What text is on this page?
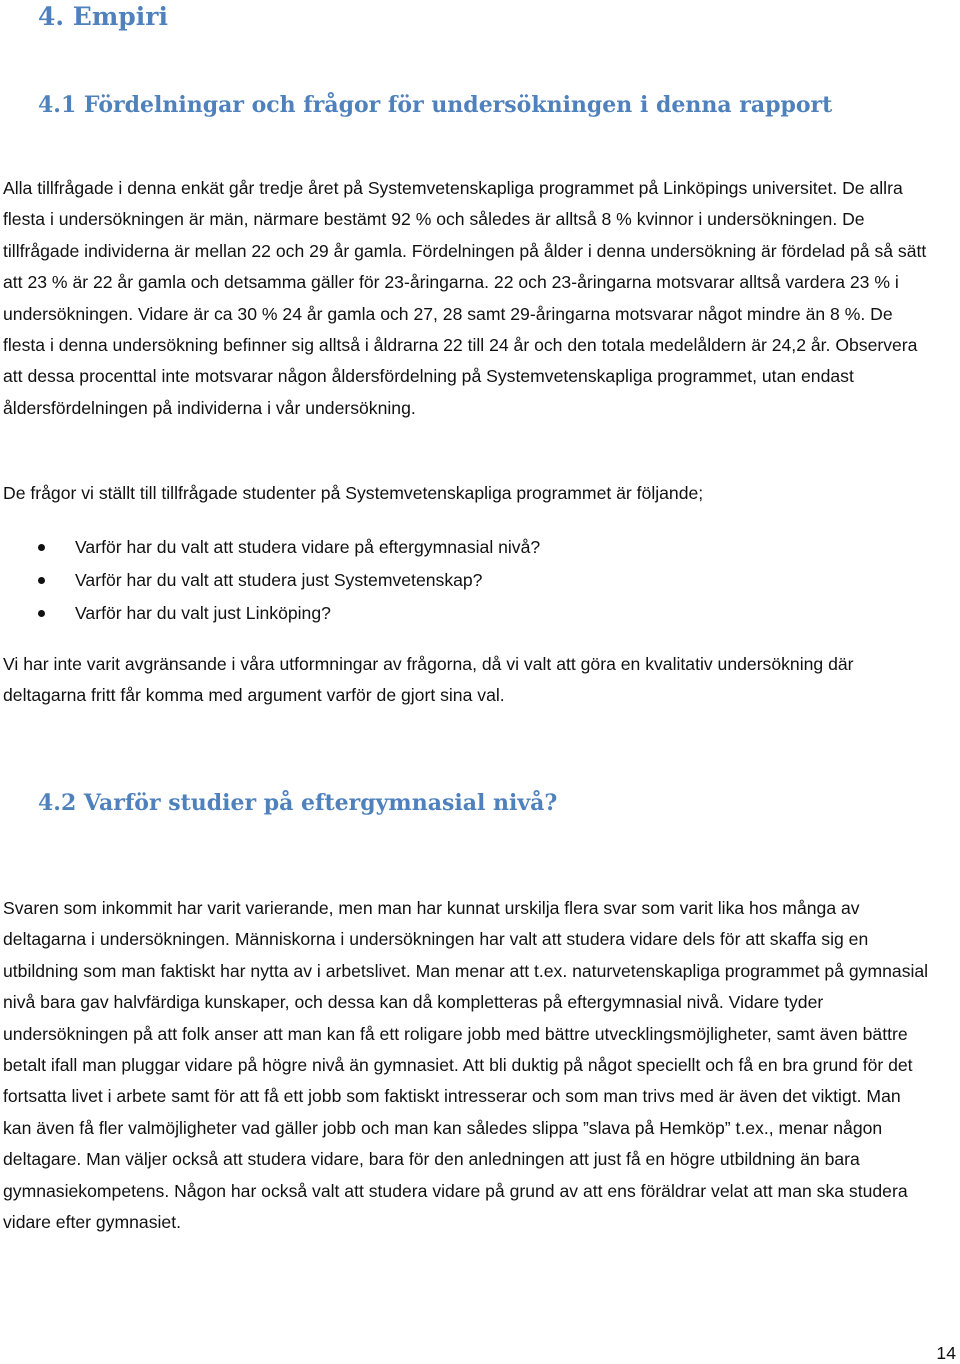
4. Empiri
4.1 Fördelningar och frågor för undersökningen i denna rapport

Alla tillfrågade i denna enkät går tredje året på Systemvetenskapliga programmet på Linköpings universitet. De allra flesta i undersökningen är män, närmare bestämt 92 % och således är alltså 8 % kvinnor i undersökningen. De tillfrågade individerna är mellan 22 och 29 år gamla. Fördelningen på ålder i denna undersökning är fördelad på så sätt att 23 % är 22 år gamla och detsamma gäller för 23-åringarna. 22 och 23-åringarna motsvarar alltså vardera 23 % i undersökningen. Vidare är ca 30 % 24 år gamla och 27, 28 samt 29-åringarna motsvarar något mindre än 8 %. De flesta i denna undersökning befinner sig alltså i åldrarna 22 till 24 år och den totala medelåldern är 24,2 år. Observera att dessa procenttal inte motsvarar någon åldersfördelning på Systemvetenskapliga programmet, utan endast åldersfördelningen på individerna i vår undersökning.

De frågor vi ställt till tillfrågade studenter på Systemvetenskapliga programmet är följande;

Varför har du valt att studera vidare på eftergymnasial nivå?
Varför har du valt att studera just Systemvetenskap?
Varför har du valt just Linköping?

Vi har inte varit avgränsande i våra utformningar av frågorna, då vi valt att göra en kvalitativ undersökning där deltagarna fritt får komma med argument varför de gjort sina val.

4.2 Varför studier på eftergymnasial nivå?

Svaren som inkommit har varit varierande, men man har kunnat urskilja flera svar som varit lika hos många av deltagarna i undersökningen. Människorna i undersökningen har valt att studera vidare dels för att skaffa sig en utbildning som man faktiskt har nytta av i arbetslivet. Man menar att t.ex. naturvetenskapliga programmet på gymnasial nivå bara gav halvfärdiga kunskaper, och dessa kan då kompletteras på eftergymnasial nivå. Vidare tyder undersökningen på att folk anser att man kan få ett roligare jobb med bättre utvecklingsmöjligheter, samt även bättre betalt ifall man pluggar vidare på högre nivå än gymnasiet. Att bli duktig på något speciellt och få en bra grund för det fortsatta livet i arbete samt för att få ett jobb som faktiskt intresserar och som man trivs med är även det viktigt. Man kan även få fler valmöjligheter vad gäller jobb och man kan således slippa ”slava på Hemköp” t.ex., menar någon deltagare. Man väljer också att studera vidare, bara för den anledningen att just få en högre utbildning än bara gymnasiekompetens. Någon har också valt att studera vidare på grund av att ens föräldrar velat att man ska studera vidare efter gymnasiet.

14
